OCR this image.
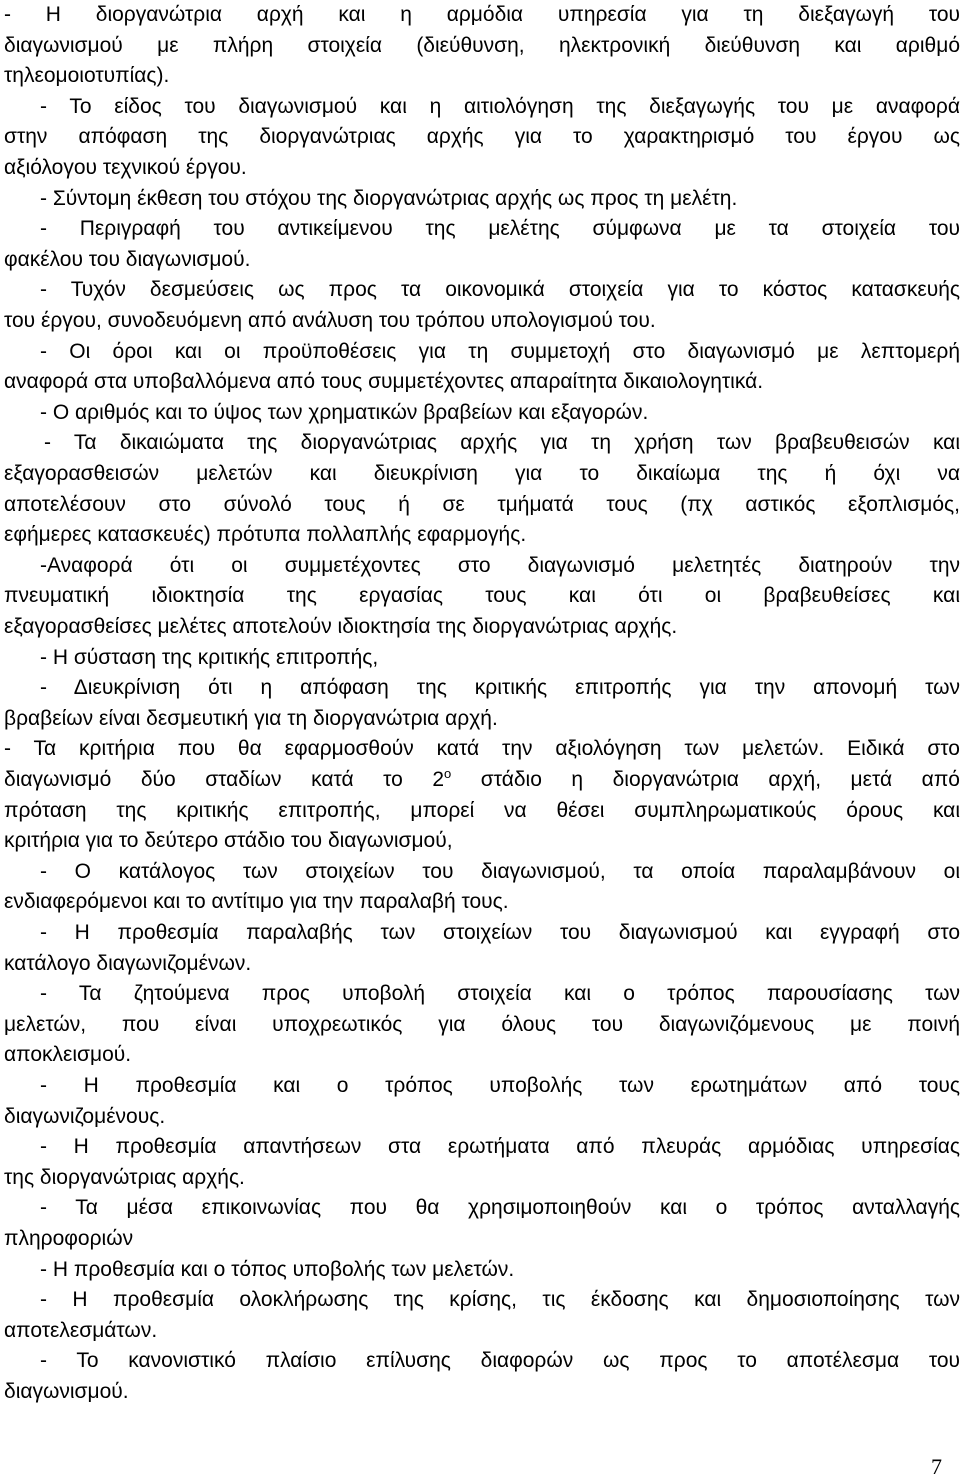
- Η διοργανώτρια αρχή και η αρμόδια υπηρεσία για τη διεξαγωγή του
διαγωνισμού με πλήρη στοιχεία (διεύθυνση, ηλεκτρονική διεύθυνση και αριθμό
τηλεομοιοτυπίας).
- Το είδος του διαγωνισμού και η αιτιολόγηση της διεξαγωγής του με αναφορά
στην απόφαση της διοργανώτριας αρχής για το χαρακτηρισμό του έργου ως
αξιόλογου τεχνικού έργου.
- Σύντομη έκθεση του στόχου της διοργανώτριας αρχής ως προς τη μελέτη.
- Περιγραφή του αντικείμενου της μελέτης σύμφωνα με τα στοιχεία του
φακέλου του διαγωνισμού.
- Τυχόν δεσμεύσεις ως προς τα οικονομικά στοιχεία για το κόστος κατασκευής
του έργου, συνοδευόμενη από ανάλυση του τρόπου υπολογισμού του.
- Οι όροι και οι προϋποθέσεις για τη συμμετοχή στο διαγωνισμό με λεπτομερή
αναφορά στα υποβαλλόμενα από τους συμμετέχοντες απαραίτητα δικαιολογητικά.
- Ο αριθμός και το ύψος των χρηματικών βραβείων και εξαγορών.
- Τα δικαιώματα της διοργανώτριας αρχής για τη χρήση των βραβευθεισών και
εξαγορασθεισών μελετών και διευκρίνιση για το δικαίωμα της ή όχι να
αποτελέσουν στο σύνολό τους ή σε τμήματά τους (πχ αστικός εξοπλισμός,
εφήμερες κατασκευές) πρότυπα πολλαπλής εφαρμογής.
-Αναφορά ότι οι συμμετέχοντες στο διαγωνισμό μελετητές διατηρούν την
πνευματική ιδιοκτησία της εργασίας τους και ότι οι βραβευθείσες και
εξαγορασθείσες μελέτες αποτελούν ιδιοκτησία της διοργανώτριας αρχής.
- Η σύσταση της κριτικής επιτροπής,
- Διευκρίνιση ότι η απόφαση της κριτικής επιτροπής για την απονομή των
βραβείων είναι δεσμευτική για τη διοργανώτρια αρχή.
- Τα κριτήρια που θα εφαρμοσθούν κατά την αξιολόγηση των μελετών. Ειδικά στο
διαγωνισμό δύο σταδίων κατά το $2^o$ στάδιο η διοργανώτρια αρχή, μετά από
πρόταση της κριτικής επιτροπής, μπορεί να θέσει συμπληρωματικούς όρους και
κριτήρια για το δεύτερο στάδιο του διαγωνισμού,
- Ο κατάλογος των στοιχείων του διαγωνισμού, τα οποία παραλαμβάνουν οι
ενδιαφερόμενοι και το αντίτιμο για την παραλαβή τους.
- Η προθεσμία παραλαβής των στοιχείων του διαγωνισμού και εγγραφή στο
κατάλογο διαγωνιζομένων.
- Τα ζητούμενα προς υποβολή στοιχεία και ο τρόπος παρουσίασης των
μελετών, που είναι υποχρεωτικός για όλους του διαγωνιζόμενους με ποινή
αποκλεισμού.
- Η προθεσμία και ο τρόπος υποβολής των ερωτημάτων από τους
διαγωνιζομένους.
- Η προθεσμία απαντήσεων στα ερωτήματα από πλευράς αρμόδιας υπηρεσίας
της διοργανώτριας αρχής.
- Τα μέσα επικοινωνίας που θα χρησιμοποιηθούν και ο τρόπος ανταλλαγής
πληροφοριών
- Η προθεσμία και ο τόπος υποβολής των μελετών.
- Η προθεσμία ολοκλήρωσης της κρίσης, τις έκδοσης και δημοσιοποίησης των
αποτελεσμάτων.
- Το κανονιστικό πλαίσιο επίλυσης διαφορών ως προς το αποτέλεσμα του
διαγωνισμού.
7
